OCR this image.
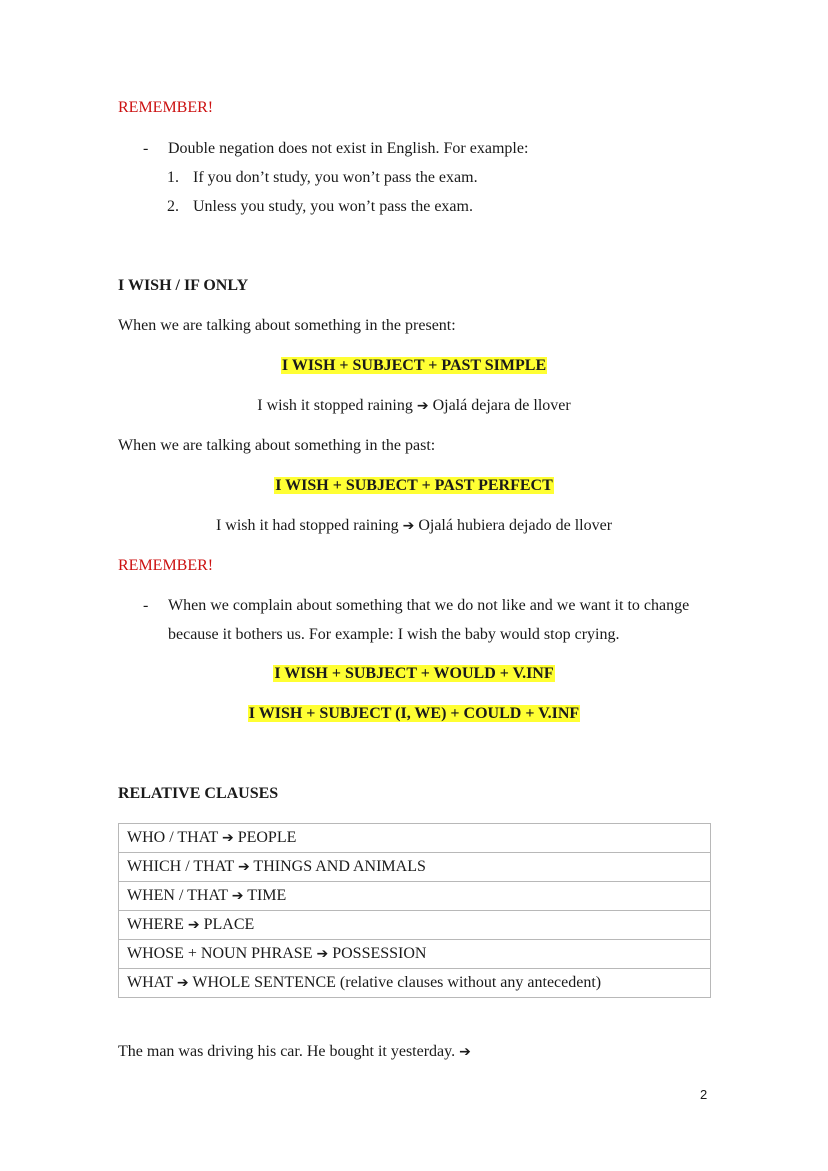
REMEMBER!
- Double negation does not exist in English. For example:
1. If you don’t study, you won’t pass the exam.
2. Unless you study, you won’t pass the exam.
I WISH / IF ONLY
When we are talking about something in the present:
I WISH + SUBJECT + PAST SIMPLE
I wish it stopped raining ➔ Ojalá dejara de llover
When we are talking about something in the past:
I WISH + SUBJECT + PAST PERFECT
I wish it had stopped raining ➔ Ojalá hubiera dejado de llover
REMEMBER!
- When we complain about something that we do not like and we want it to change
because it bothers us. For example: I wish the baby would stop crying.
I WISH + SUBJECT + WOULD + V.INF
I WISH + SUBJECT (I, WE) + COULD + V.INF
RELATIVE CLAUSES
WHO / THAT ➔ PEOPLE
WHICH / THAT ➔ THINGS AND ANIMALS
WHEN / THAT ➔ TIME
WHERE ➔ PLACE
WHOSE + NOUN PHRASE ➔ POSSESSION
WHAT ➔ WHOLE SENTENCE (relative clauses without any antecedent)
The man was driving his car. He bought it yesterday. ➔
2
